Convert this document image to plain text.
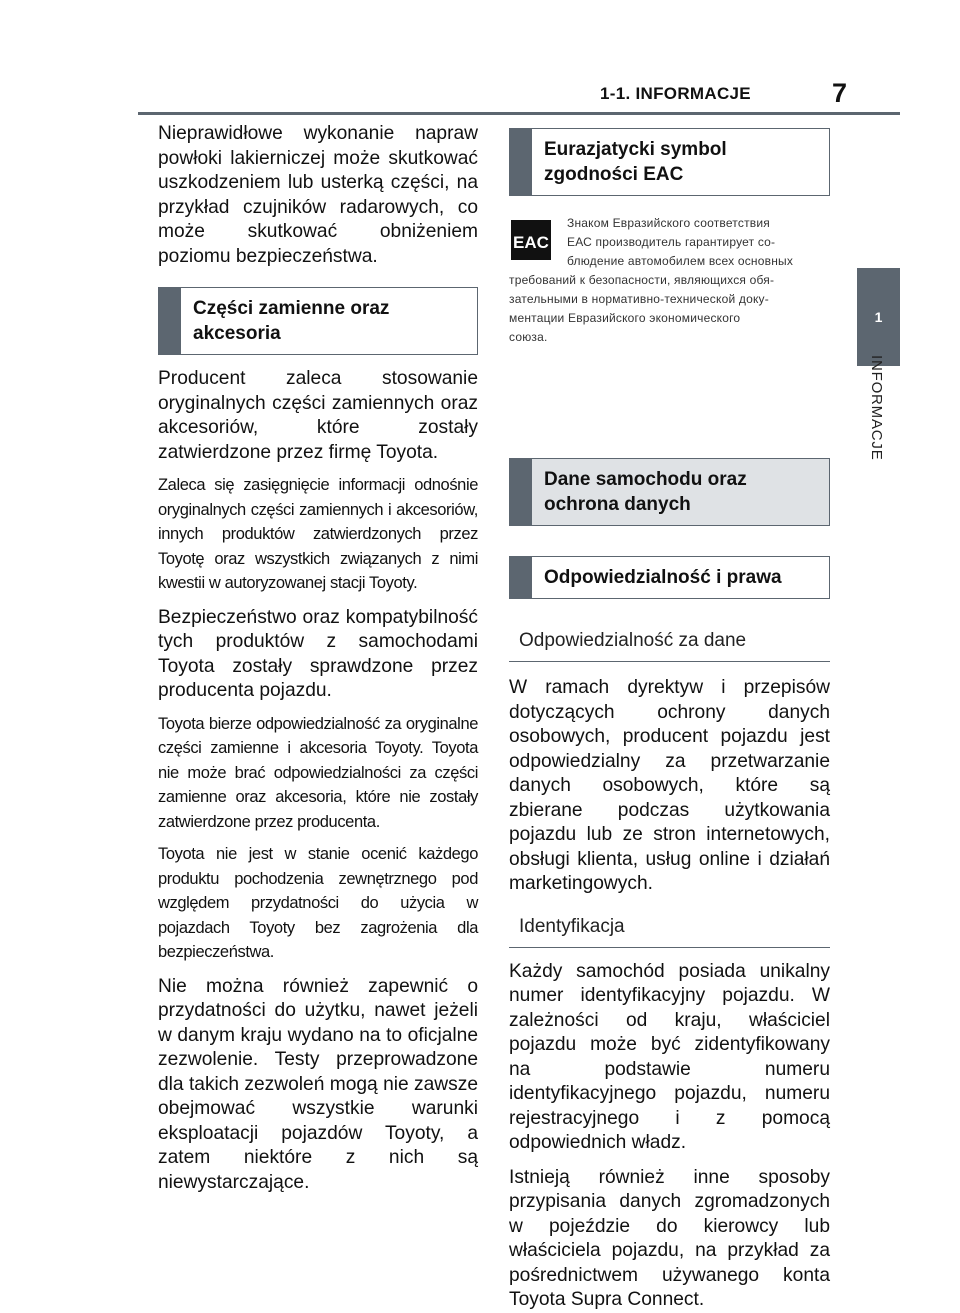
1-1. INFORMACJE	7
1
INFORMACJE

Nieprawidłowe wykonanie napraw powłoki lakierniczej może skutkować uszkodzeniem lub usterką części, na przykład czujników radarowych, co może skutkować obniżeniem poziomu bezpieczeństwa.

Części zamienne oraz akcesoria

Producent zaleca stosowanie oryginalnych części zamiennych oraz akcesoriów, które zostały zatwierdzone przez firmę Toyota.

Zaleca się zasięgnięcie informacji odnośnie oryginalnych części zamiennych i akcesoriów, innych produktów zatwierdzonych przez Toyotę oraz wszystkich związanych z nimi kwestii w autoryzowanej stacji Toyoty.

Bezpieczeństwo oraz kompatybilność tych produktów z samochodami Toyota zostały sprawdzone przez producenta pojazdu.

Toyota bierze odpowiedzialność za oryginalne części zamienne i akcesoria Toyoty. Toyota nie może brać odpowiedzialności za części zamienne oraz akcesoria, które nie zostały zatwierdzone przez producenta.

Toyota nie jest w stanie ocenić każdego produktu pochodzenia zewnętrznego pod względem przydatności do użycia w pojazdach Toyoty bez zagrożenia dla bezpieczeństwa.

Nie można również zapewnić o przydatności do użytku, nawet jeżeli w danym kraju wydano na to oficjalne zezwolenie. Testy przeprowadzone dla takich zezwoleń mogą nie zawsze obejmować wszystkie warunki eksploatacji pojazdów Toyoty, a zatem niektóre z nich są niewystarczające.

Eurazjatycki symbol zgodności EAC
EAC
Знаком Евразийского соответствия
ЕАС производитель гарантирует со-
блюдение автомобилем всех основных
требований к безопасности, являющихся обя-
зательными в нормативно-технической доку-
ментации Евразийского экономического
союза.
Dane samochodu oraz ochrona danych
Odpowiedzialność i prawa
Odpowiedzialność za dane

W ramach dyrektyw i przepisów dotyczących ochrony danych osobowych, producent pojazdu jest odpowiedzialny za przetwarzanie danych osobowych, które są zbierane podczas użytkowania pojazdu lub ze stron internetowych, obsługi klienta, usług online i działań marketingowych.

Identyfikacja

Każdy samochód posiada unikalny numer identyfikacyjny pojazdu. W zależności od kraju, właściciel pojazdu może być zidentyfikowany na podstawie numeru identyfikacyjnego pojazdu, numeru rejestracyjnego i z pomocą odpowiednich władz.

Istnieją również inne sposoby przypisania danych zgromadzonych w pojeździe do kierowcy lub właściciela pojazdu, na przykład za pośrednictwem używanego konta Toyota Supra Connect.
